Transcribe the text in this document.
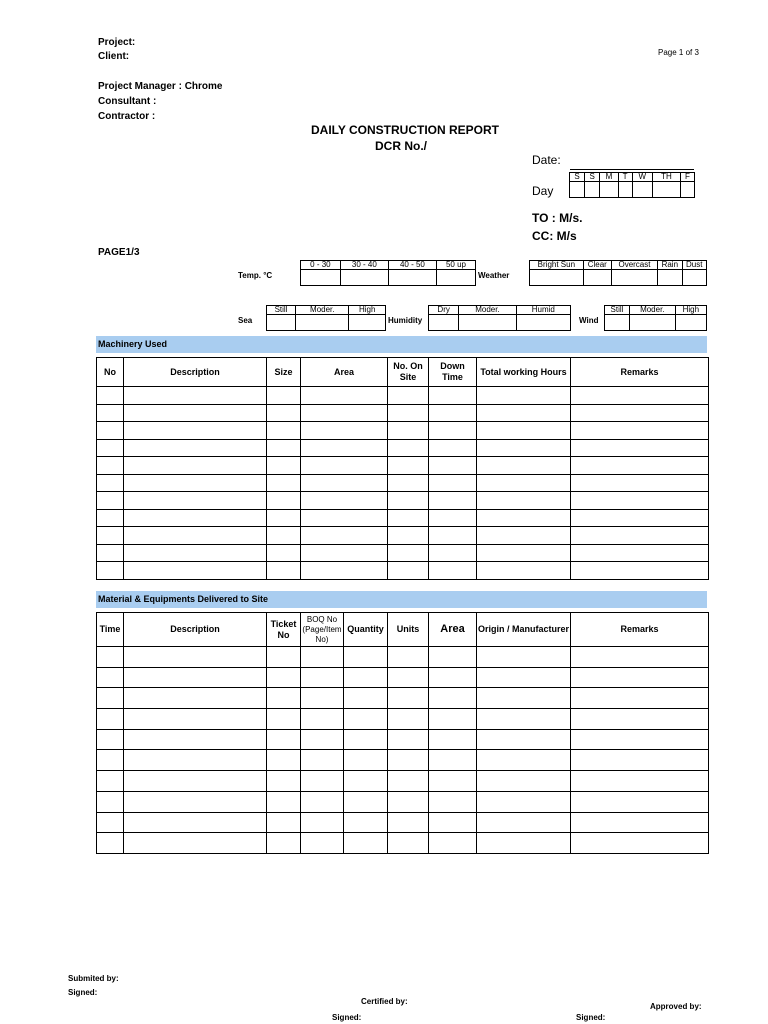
Project:
Client:	Page 1 of 3
Project Manager : Chrome
Consultant :
Contractor :
DAILY CONSTRUCTION REPORT
DCR No./
Date:
Day
S	S	M	T	W	TH	F

TO : M/s.
CC: M/s
PAGE1/3
Temp. °C
0 - 30	30 - 40	40 - 50	50 up

Weather
Bright Sun	Clear	Overcast	Rain	Dust

Sea
Still	Moder.	High

Humidity
Dry	Moder.	Humid

Wind
Still	Moder.	High

Machinery Used
No	Description	Size	Area	No. On Site	Down Time	Total working Hours	Remarks

Material & Equipments Delivered to Site
Time	Description	Ticket No	BOQ No (Page/Item No)	Quantity	Units	Area	Origin / Manufacturer	Remarks

Submited by:
Signed:
Certified by:
Signed:
Approved by:
Signed:
